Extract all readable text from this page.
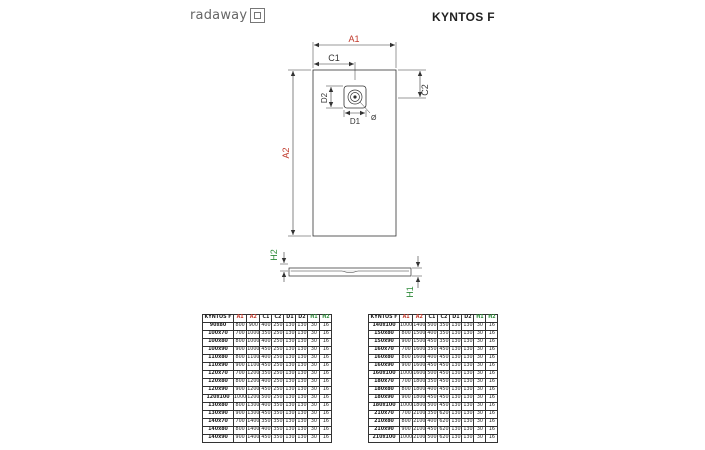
radaway	KYNTOS F
A1
C1
C2
A2
Ø
D2
D1
H2
H1
KYNTOS F	A1	A2	C1	C2	D1	D2	H1	H2
90x80	800	900	400	250	130	130	30	16
100x70	700	1000	350	250	130	130	30	16
100x80	800	1000	400	250	130	130	30	16
100x90	900	1000	450	250	130	130	30	16
110x80	800	1100	400	250	130	130	30	16
110x90	900	1100	450	250	130	130	30	16
120x70	700	1200	350	250	130	130	30	16
120x80	800	1200	400	250	130	130	30	16
120x90	900	1200	450	250	130	130	30	16
120x100	1000	1200	500	250	130	130	30	16
130x80	800	1300	400	350	130	130	30	16
130x90	900	1300	450	350	130	130	30	16
140x70	700	1400	350	350	130	130	30	16
140x80	800	1400	400	350	130	130	30	16
140x90	900	1400	450	350	130	130	30	16
KYNTOS F	A1	A2	C1	C2	D1	D2	H1	H2
140x100	1000	1400	500	350	130	130	30	16
150x80	800	1500	400	350	130	130	30	16
150x90	900	1500	450	350	130	130	30	16
160x70	700	1600	350	450	130	130	30	16
160x80	800	1600	400	450	130	130	30	16
160x90	900	1600	450	450	130	130	30	16
160x100	1000	1600	500	450	130	130	30	16
180x70	700	1800	350	450	130	130	30	16
180x80	800	1800	400	450	130	130	30	16
180x90	900	1800	450	450	130	130	30	16
180x100	1000	1800	500	450	130	130	30	16
210x70	700	2100	350	620	130	130	30	16
210x80	800	2100	400	620	130	130	30	16
210x90	900	2100	450	620	130	130	30	16
210x100	1000	2100	500	620	130	130	30	16
